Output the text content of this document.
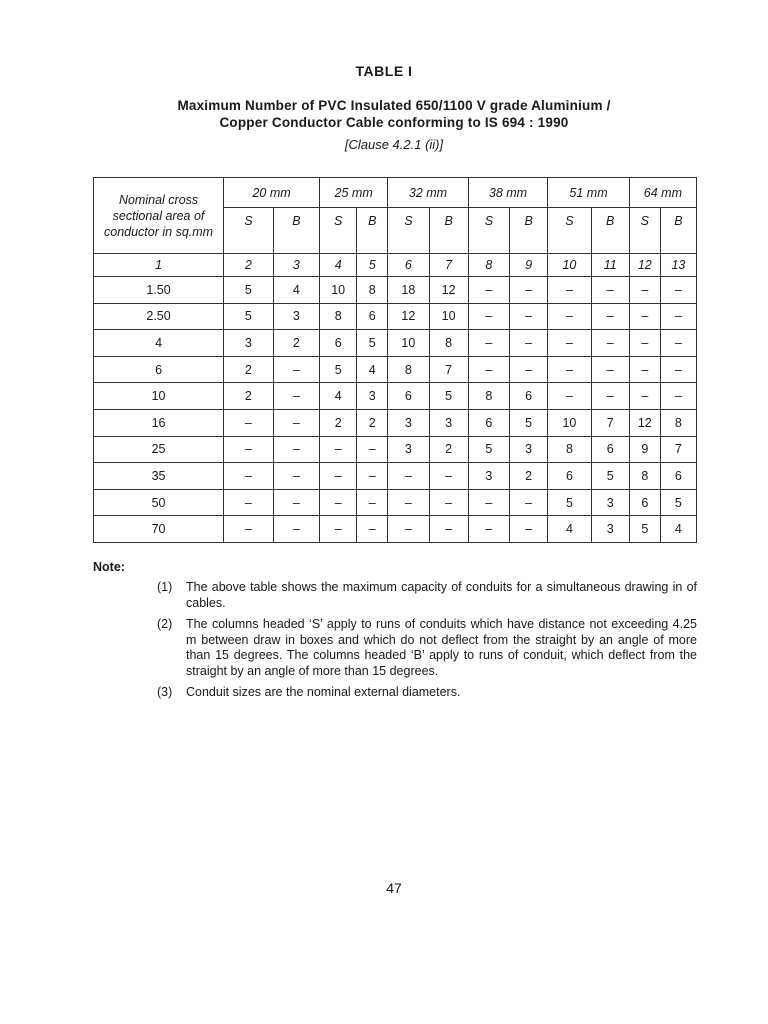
TABLE I
Maximum Number of PVC Insulated 650/1100 V grade Aluminium /
Copper Conductor Cable conforming to IS 694 : 1990
[Clause 4.2.1 (ii)]
Nominal cross sectional area of conductor in sq.mm	20 mm		25 mm		32 mm		38 mm		51 mm		64 mm	
	S	B	S	B	S	B	S	B	S	B	S	B
1	2	3	4	5	6	7	8	9	10	11	12	13
1.50	5	4	10	8	18	12	–	–	–	–	–	–
2.50	5	3	8	6	12	10	–	–	–	–	–	–
4	3	2	6	5	10	8	–	–	–	–	–	–
6	2	–	5	4	8	7	–	–	–	–	–	–
10	2	–	4	3	6	5	8	6	–	–	–	–
16	–	–	2	2	3	3	6	5	10	7	12	8
25	–	–	–	–	3	2	5	3	8	6	9	7
35	–	–	–	–	–	–	3	2	6	5	8	6
50	–	–	–	–	–	–	–	–	5	3	6	5
70	–	–	–	–	–	–	–	–	4	3	5	4
Note:
(1)	The above table shows the maximum capacity of conduits for a simultaneous drawing in of cables.
(2)	The columns headed ‘S’ apply to runs of conduits which have distance not exceeding 4.25 m between draw in boxes and which do not deflect from the straight by an angle of more than 15 degrees. The columns headed ‘B’ apply to runs of conduit, which deflect from the straight by an angle of more than 15 degrees.
(3)	Conduit sizes are the nominal external diameters.
47
